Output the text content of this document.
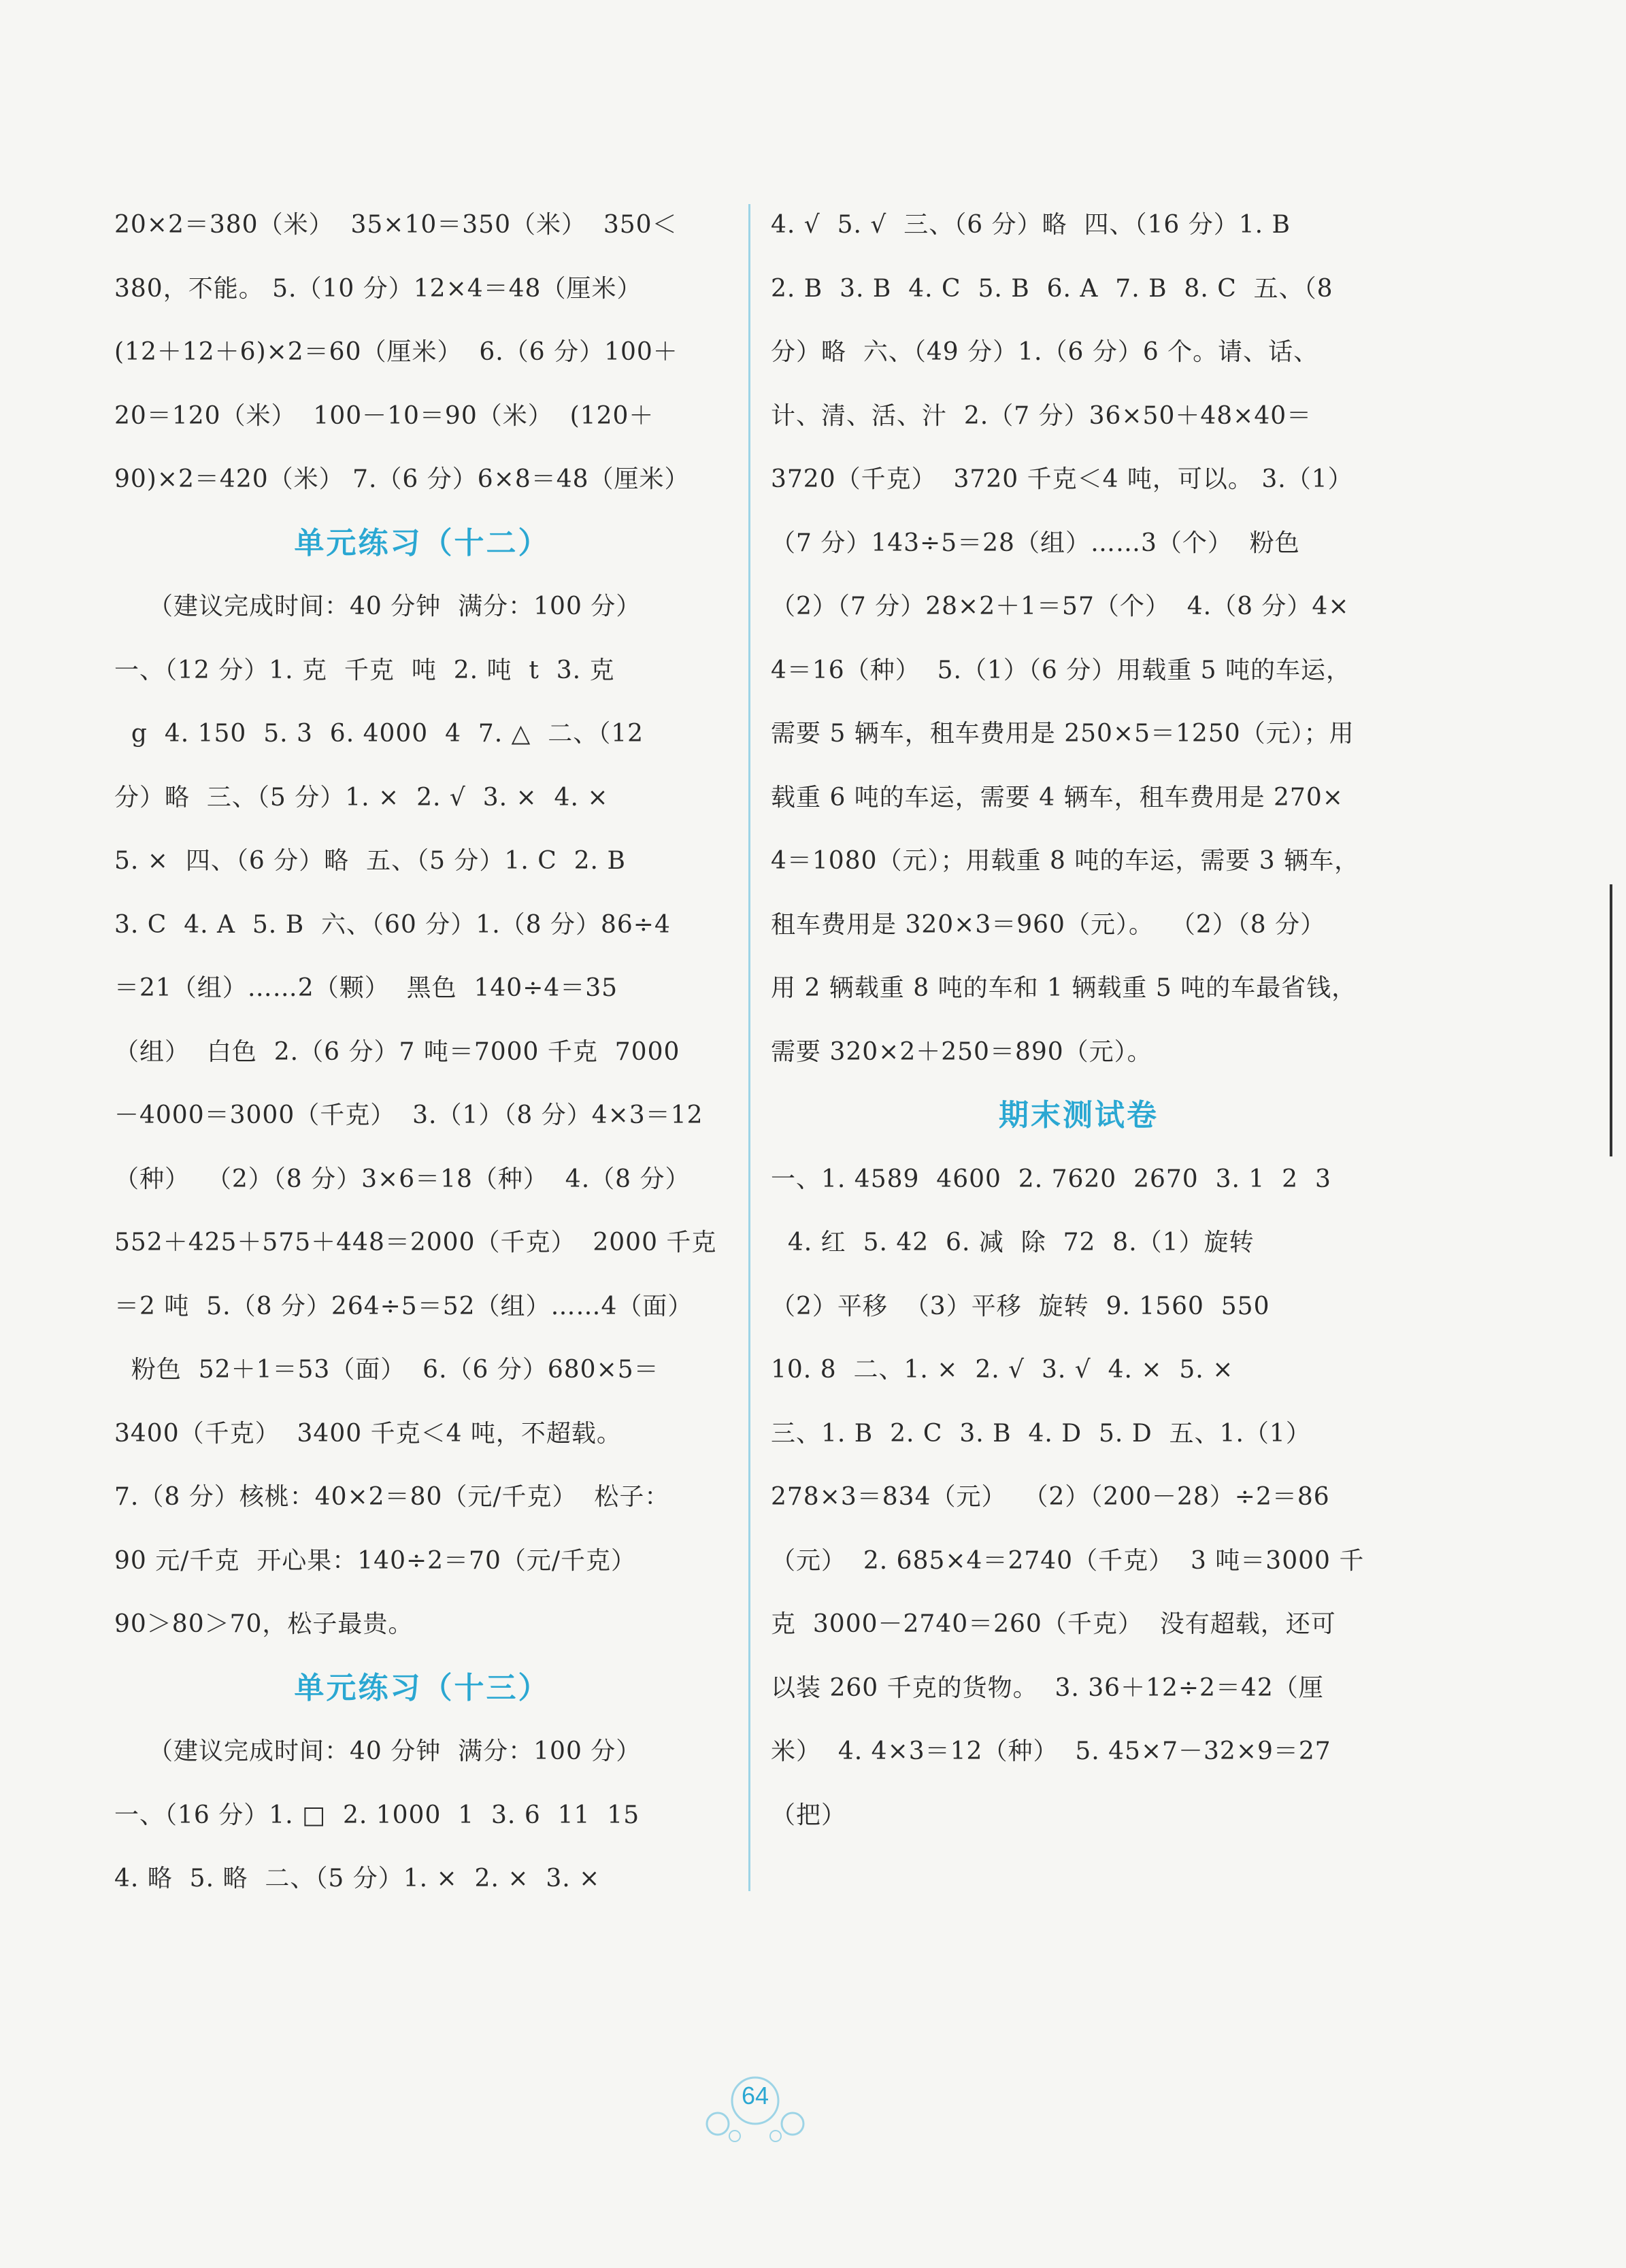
20×2＝380（米）  35×10＝350（米）  350＜
380，不能。 5.（10 分）12×4＝48（厘米）
(12＋12＋6)×2＝60（厘米）  6.（6 分）100＋
20＝120（米）  100－10＝90（米）  (120＋
90)×2＝420（米） 7.（6 分）6×8＝48（厘米）
单元练习（十二）
（建议完成时间：40 分钟  满分：100 分）
一、（12 分）1. 克  千克  吨  2. 吨  t  3. 克
g  4. 150  5. 3  6. 4000  4  7. △  二、（12
分）略  三、（5 分）1. ×  2. √  3. ×  4. ×
5. ×  四、（6 分）略  五、（5 分）1. C  2. B
3. C  4. A  5. B  六、（60 分）1.（8 分）86÷4
＝21（组）……2（颗）  黑色  140÷4＝35
（组）  白色  2.（6 分）7 吨＝7000 千克  7000
－4000＝3000（千克）  3.（1）（8 分）4×3＝12
（种）  （2）（8 分）3×6＝18（种）  4.（8 分）
552＋425＋575＋448＝2000（千克）  2000 千克
＝2 吨  5.（8 分）264÷5＝52（组）……4（面）
粉色  52＋1＝53（面）  6.（6 分）680×5＝
3400（千克）  3400 千克＜4 吨，不超载。
7.（8 分）核桃：40×2＝80（元/千克）  松子：
90 元/千克  开心果：140÷2＝70（元/千克）
90＞80＞70，松子最贵。
单元练习（十三）
（建议完成时间：40 分钟  满分：100 分）
一、（16 分）1. □  2. 1000  1  3. 6  11  15
4. 略  5. 略  二、（5 分）1. ×  2. ×  3. ×
4. √  5. √  三、（6 分）略  四、（16 分）1. B
2. B  3. B  4. C  5. B  6. A  7. B  8. C  五、（8
分）略  六、（49 分）1.（6 分）6 个。请、话、
计、清、活、汁  2.（7 分）36×50＋48×40＝
3720（千克）  3720 千克＜4 吨，可以。 3.（1）
（7 分）143÷5＝28（组）……3（个）  粉色
（2）（7 分）28×2＋1＝57（个）  4.（8 分）4×
4＝16（种）  5.（1）（6 分）用载重 5 吨的车运，
需要 5 辆车，租车费用是 250×5＝1250（元）；用
载重 6 吨的车运，需要 4 辆车，租车费用是 270×
4＝1080（元）；用载重 8 吨的车运，需要 3 辆车，
租车费用是 320×3＝960（元）。  （2）（8 分）
用 2 辆载重 8 吨的车和 1 辆载重 5 吨的车最省钱，
需要 320×2＋250＝890（元）。
期末测试卷
一、1. 4589  4600  2. 7620  2670  3. 1  2  3
4. 红  5. 42  6. 减  除  72  8.（1）旋转
（2）平移  （3）平移  旋转  9. 1560  550
10. 8  二、1. ×  2. √  3. √  4. ×  5. ×
三、1. B  2. C  3. B  4. D  5. D  五、1.（1）
278×3＝834（元）  （2）（200－28）÷2＝86
（元）  2. 685×4＝2740（千克）  3 吨＝3000 千
克  3000－2740＝260（千克）  没有超载，还可
以装 260 千克的货物。  3. 36＋12÷2＝42（厘
米）  4. 4×3＝12（种）  5. 45×7－32×9＝27
（把）
64
